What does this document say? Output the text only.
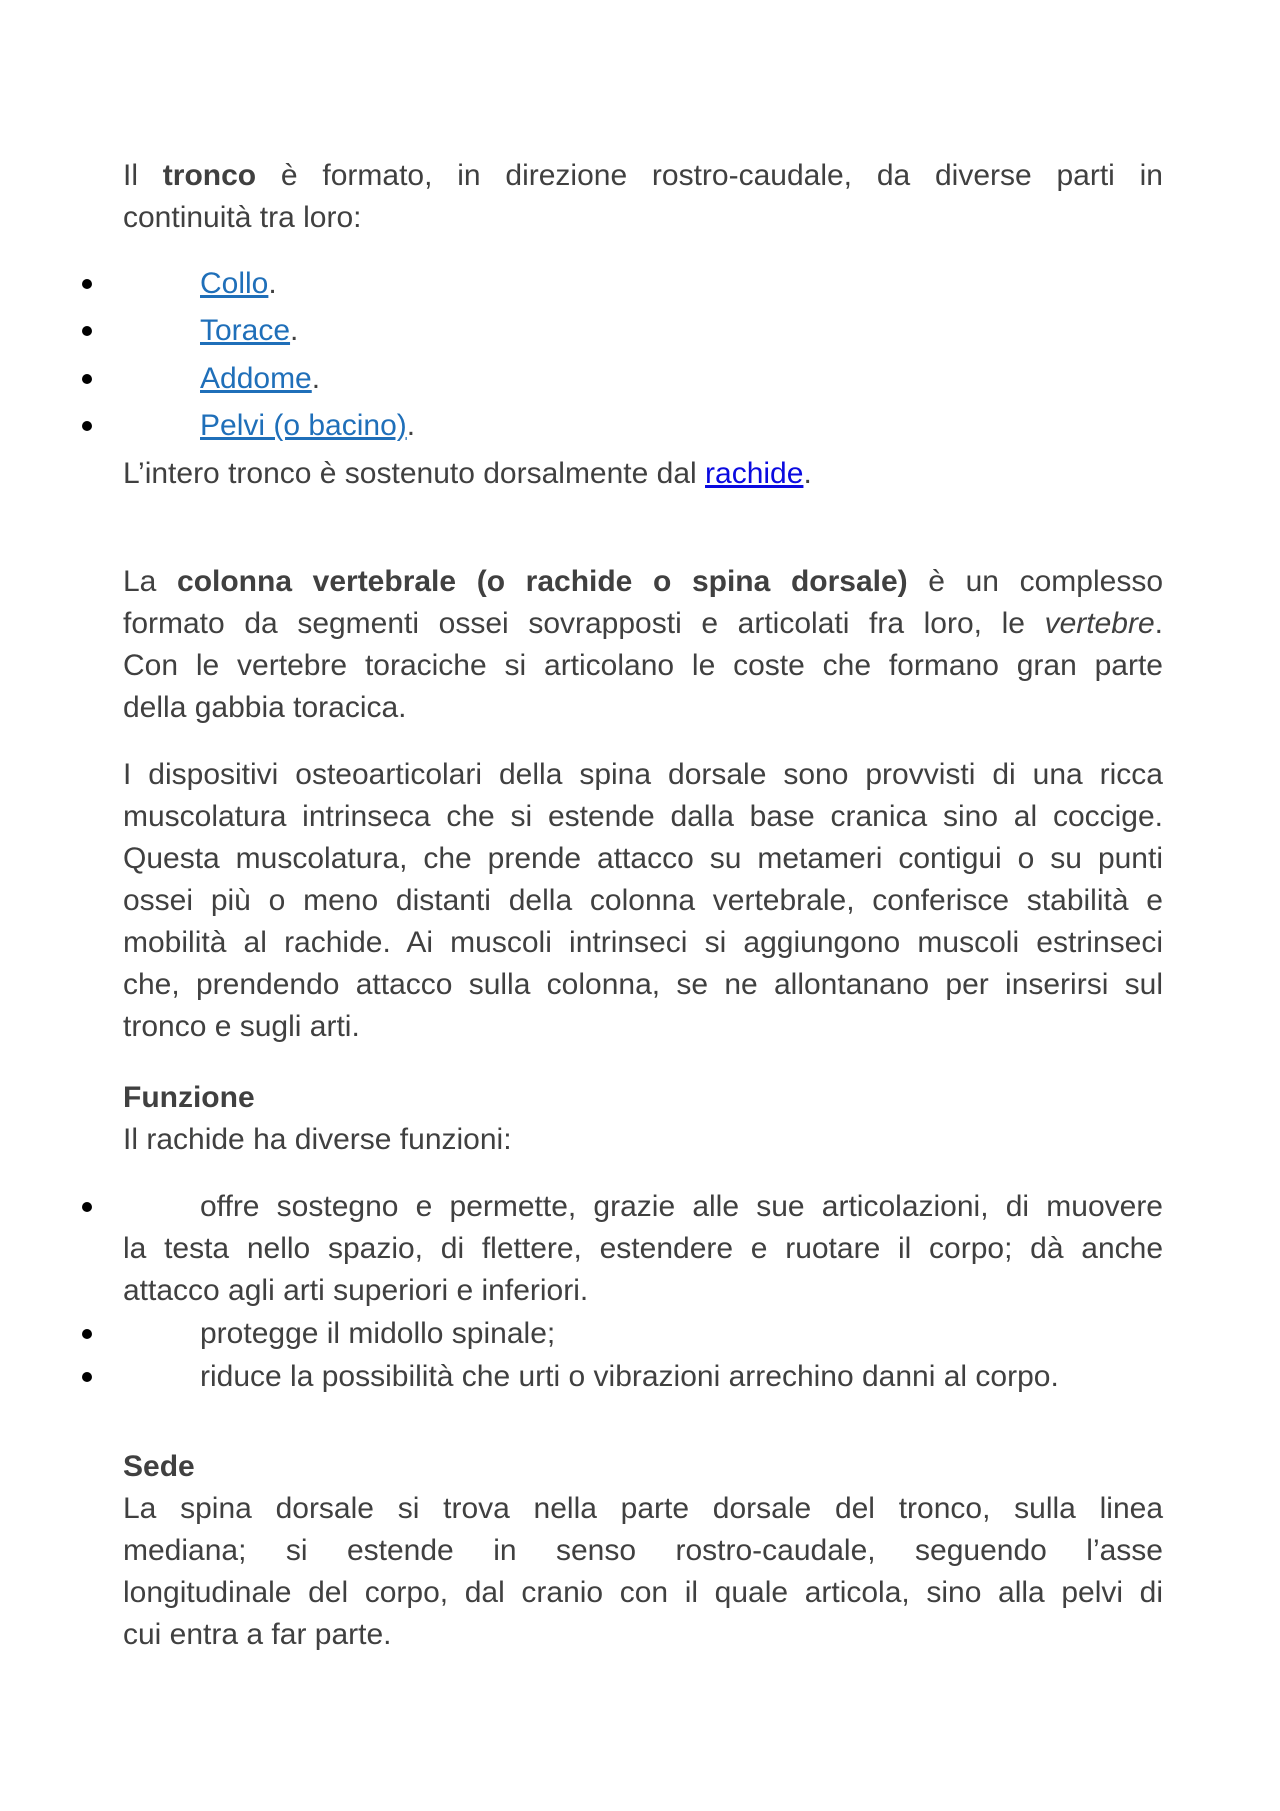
Il tronco è formato, in direzione rostro-caudale, da diverse parti in
continuità tra loro:
Collo.
Torace.
Addome.
Pelvi (o bacino).
L’intero tronco è sostenuto dorsalmente dal rachide.
La colonna vertebrale (o rachide o spina dorsale) è un complesso
formato da segmenti ossei sovrapposti e articolati fra loro, le vertebre.
Con le vertebre toraciche si articolano le coste che formano gran parte
della gabbia toracica.
I dispositivi osteoarticolari della spina dorsale sono provvisti di una ricca
muscolatura intrinseca che si estende dalla base cranica sino al coccige.
Questa muscolatura, che prende attacco su metameri contigui o su punti
ossei più o meno distanti della colonna vertebrale, conferisce stabilità e
mobilità al rachide. Ai muscoli intrinseci si aggiungono muscoli estrinseci
che, prendendo attacco sulla colonna, se ne allontanano per inserirsi sul
tronco e sugli arti.
Funzione
Il rachide ha diverse funzioni:
offre sostegno e permette, grazie alle sue articolazioni, di muovere
la testa nello spazio, di flettere, estendere e ruotare il corpo; dà anche
attacco agli arti superiori e inferiori.
protegge il midollo spinale;
riduce la possibilità che urti o vibrazioni arrechino danni al corpo.
Sede
La spina dorsale si trova nella parte dorsale del tronco, sulla linea
mediana; si estende in senso rostro-caudale, seguendo l’asse
longitudinale del corpo, dal cranio con il quale articola, sino alla pelvi di
cui entra a far parte.
